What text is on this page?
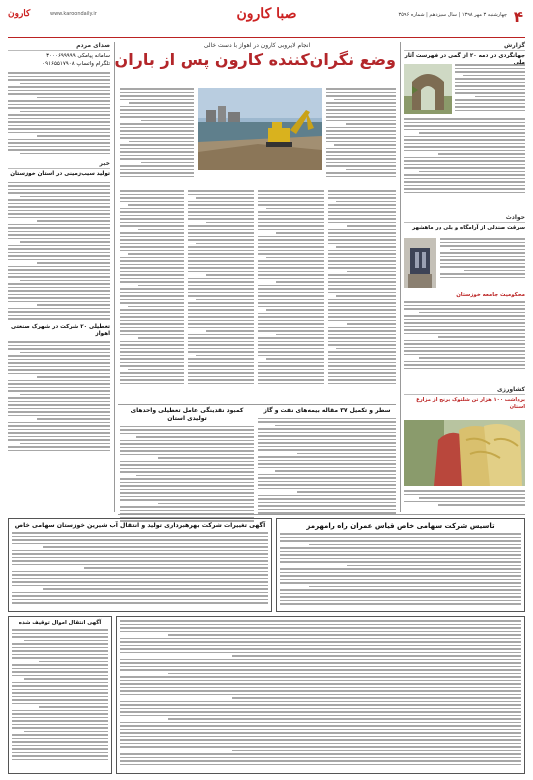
۴
چهارشنبه ۳ مهر ۱۳۹۸ | سال سیزدهم | شماره ۳۵۹۶
صبا کارون
کارون	www.karoondaily.ir
صدای مردم
سامانه پیامکی ۳۰۰۰۶۹۹۹۹۹
تلگرام واتساپ ۰۹۱۶۵۵۱۷۹۰۸
خبر
تولید سیب‌زمینی در استان خوزستان
تعطیلی ۲۰ شرکت در شهرک صنعتی اهواز
انجام لایروبی کارون در اهواز با دست خالی
وضع نگران‌کننده کارون پس از باران
کمبود نقدینگی عامل تعطیلی واحدهای تولیدی استان
سطر و تکمیل ۳۷ مقاله بیمه‌های نفت و گاز
گزارش
جهانگردی در دمه ۲۰ از گمی در فهرست آثار
حوادث
سرقت صندلی از آرامگاه و بلی در ماهشهر
محکومیت جامعه خوزستان
کشاورزی
برداشت ۱۰۰ هزار تن شلتوک برنج از مزارع استان
تاسیس شرکت سهامی خاص قیاس عمران راه رامهرمز
آگهی تغییرات شرکت بهرهبرداری تولید و انتقال آب شیرین خوزستان سهامی خاص
آگهی انتقال اموال توقیف شده
